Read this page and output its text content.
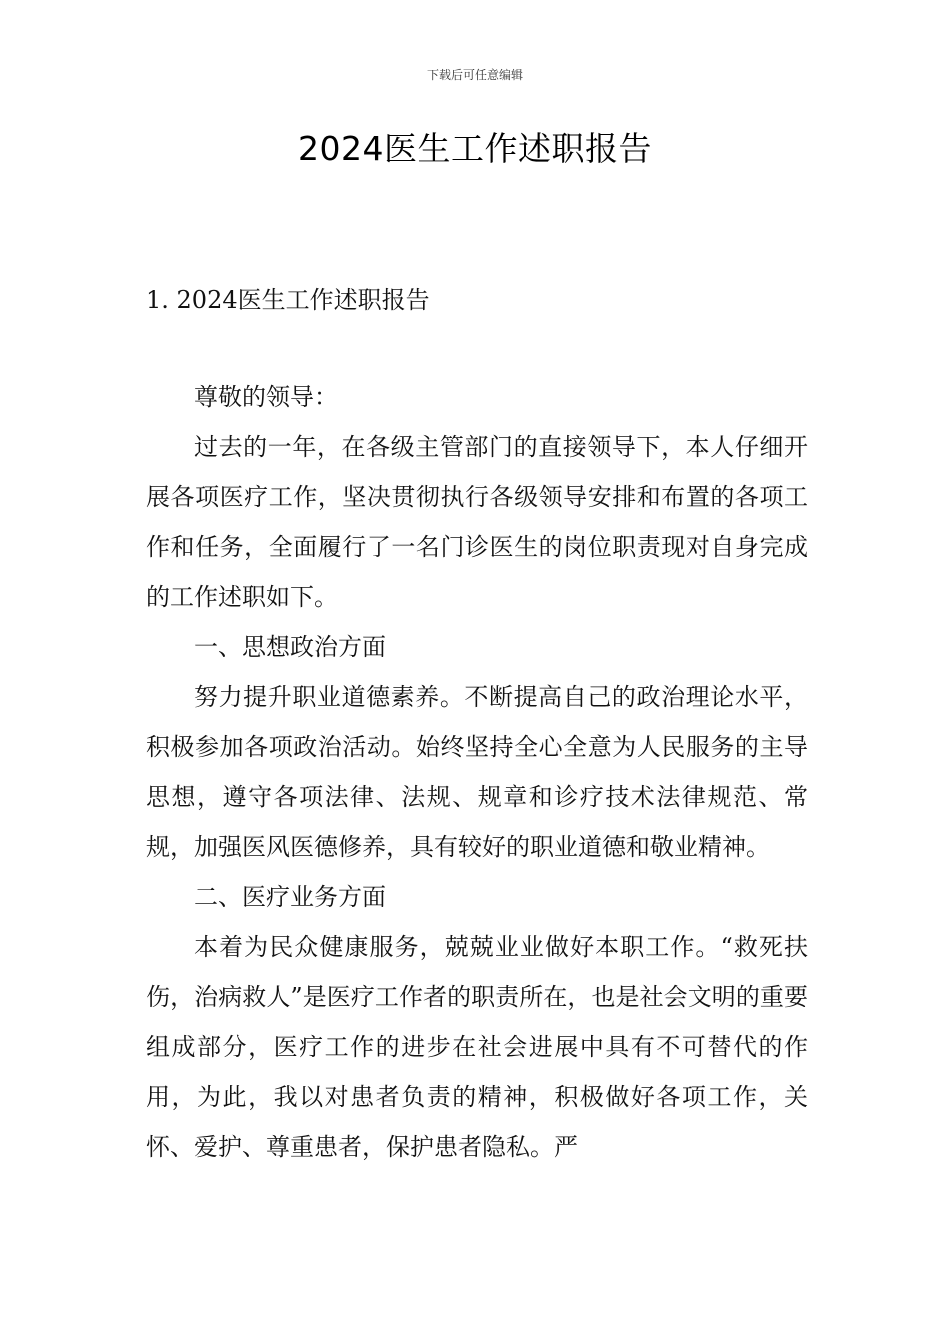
下载后可任意编辑
2024医生工作述职报告
1. 2024医生工作述职报告

尊敬的领导：

过去的一年，在各级主管部门的直接领导下，本人仔细开展各项医疗工作，坚决贯彻执行各级领导安排和布置的各项工作和任务，全面履行了一名门诊医生的岗位职责现对自身完成的工作述职如下。

一、思想政治方面

努力提升职业道德素养。不断提高自己的政治理论水平，积极参加各项政治活动。始终坚持全心全意为人民服务的主导思想，遵守各项法律、法规、规章和诊疗技术法律规范、常规，加强医风医德修养，具有较好的职业道德和敬业精神。

二、医疗业务方面

本着为民众健康服务，兢兢业业做好本职工作。“救死扶伤，治病救人”是医疗工作者的职责所在，也是社会文明的重要组成部分，医疗工作的进步在社会进展中具有不可替代的作用，为此，我以对患者负责的精神，积极做好各项工作，关怀、爱护、尊重患者，保护患者隐私。严
